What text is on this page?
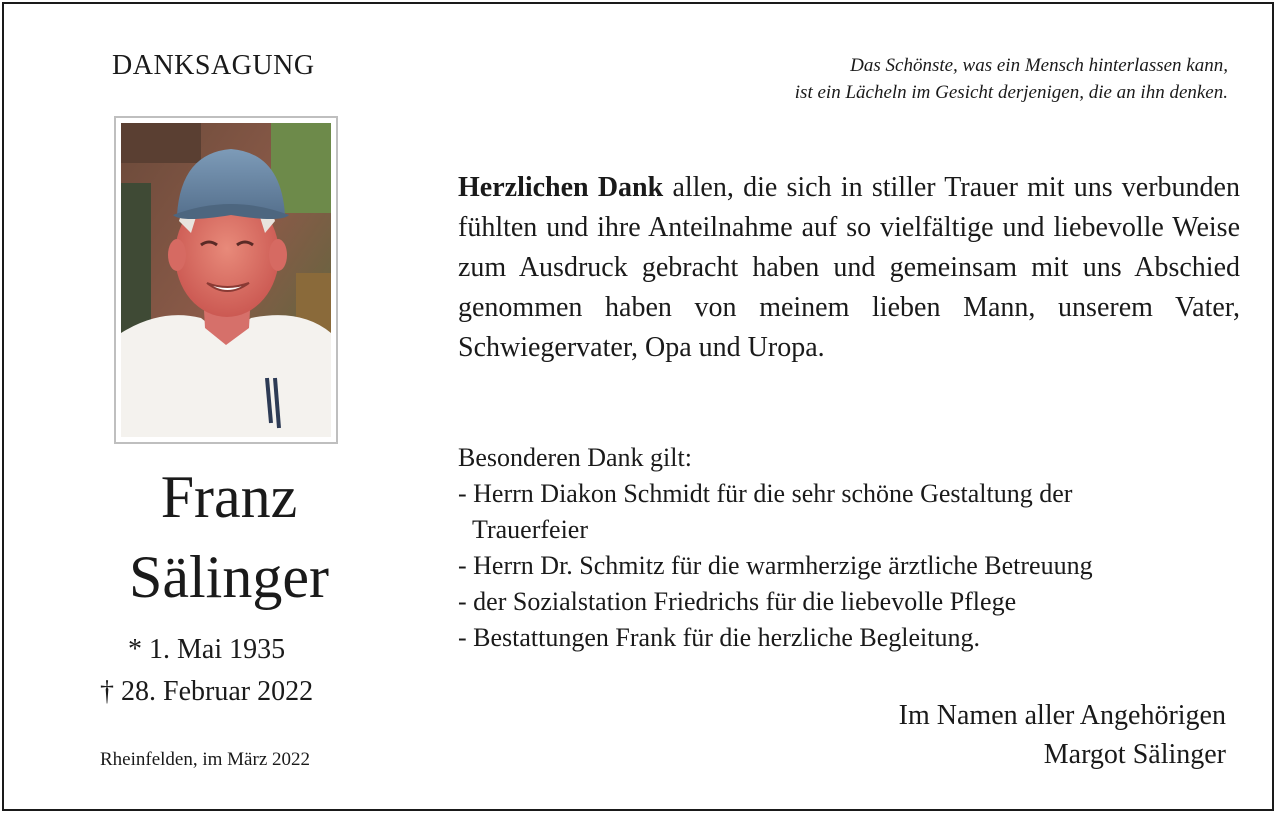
DANKSAGUNG	Das Schönste, was ein Mensch hinterlassen kann,
ist ein Lächeln im Gesicht derjenigen, die an ihn denken.
Franz
Sälinger
* 1. Mai 1935
† 28. Februar 2022
Rheinfelden, im März 2022
Herzlichen Dank allen, die sich in stiller Trauer mit uns verbunden fühlten und ihre Anteilnahme auf so vielfältige und liebevolle Weise zum Ausdruck gebracht haben und gemeinsam mit uns Abschied genommen haben von meinem lieben Mann, unserem Vater, Schwiegervater, Opa und Uropa.
Besonderen Dank gilt:
- Herrn Diakon Schmidt für die sehr schöne Gestaltung der
Trauerfeier
- Herrn Dr. Schmitz für die warmherzige ärztliche Betreuung
- der Sozialstation Friedrichs für die liebevolle Pflege
- Bestattungen Frank für die herzliche Begleitung.
Im Namen aller Angehörigen
Margot Sälinger
